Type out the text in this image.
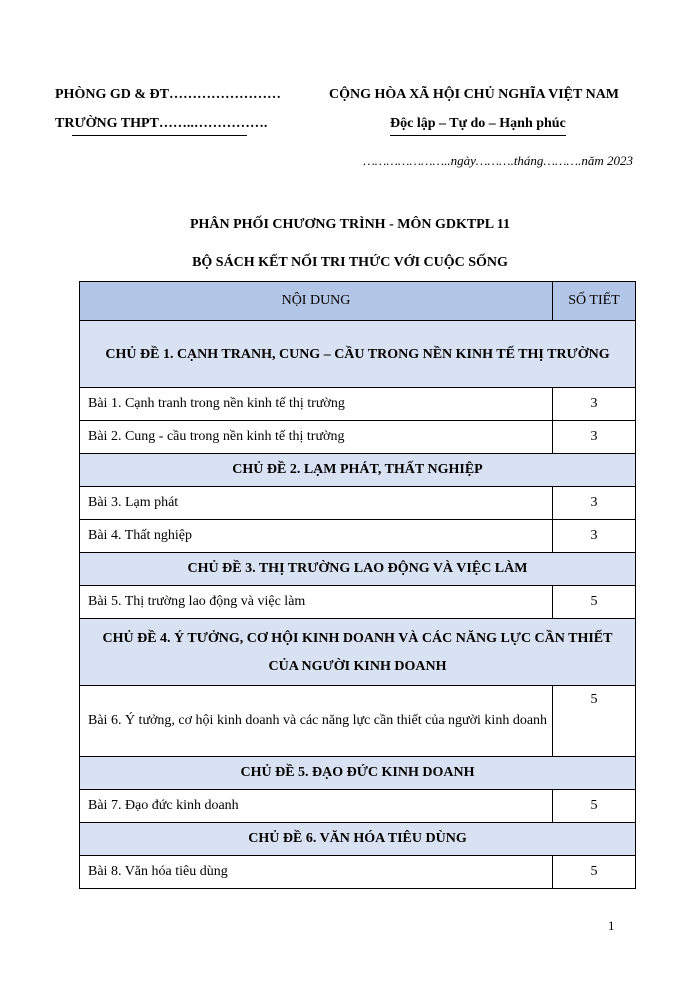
PHÒNG GD & ĐT……………………
TRƯỜNG THPT……..…………….
CỘNG HÒA XÃ HỘI CHỦ NGHĨA VIỆT NAM
Độc lập – Tự do – Hạnh phúc
…………………..ngày……….tháng……….năm 2023
PHÂN PHỐI CHƯƠNG TRÌNH - MÔN GDKTPL 11
BỘ SÁCH KẾT NỐI TRI THỨC VỚI CUỘC SỐNG
NỘI DUNG	SỐ TIẾT
CHỦ ĐỀ 1. CẠNH TRANH, CUNG – CẦU TRONG NỀN KINH TẾ THỊ TRƯỜNG	
Bài 1. Cạnh tranh trong nền kinh tế thị trường	3
Bài 2. Cung - cầu trong nền kinh tế thị trường	3
CHỦ ĐỀ 2. LẠM PHÁT, THẤT NGHIỆP	
Bài 3. Lạm phát	3
Bài 4. Thất nghiệp	3
CHỦ ĐỀ 3. THỊ TRƯỜNG LAO ĐỘNG VÀ VIỆC LÀM	
Bài 5. Thị trường lao động và việc làm	5
CHỦ ĐỀ 4. Ý TƯỞNG, CƠ HỘI KINH DOANH VÀ CÁC NĂNG LỰC CẦN THIẾT CỦA NGƯỜI KINH DOANH	
Bài 6. Ý tưởng, cơ hội kinh doanh và các năng lực cần thiết của người kinh doanh	5
CHỦ ĐỀ 5. ĐẠO ĐỨC KINH DOANH	
Bài 7. Đạo đức kinh doanh	5
CHỦ ĐỀ 6. VĂN HÓA TIÊU DÙNG	
Bài 8. Văn hóa tiêu dùng	5
1
